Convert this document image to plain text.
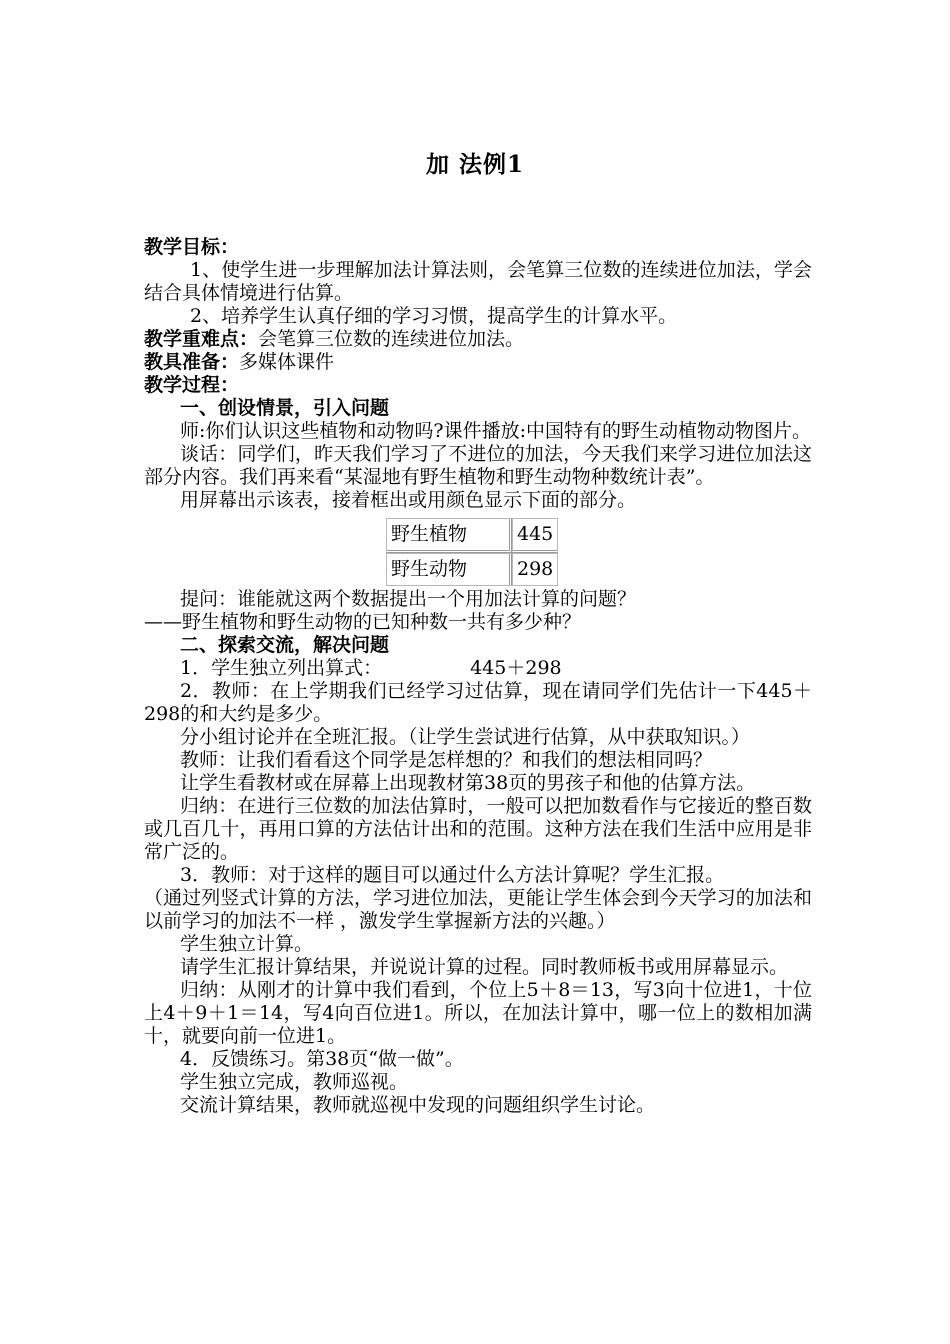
加 法例1

教学目标：

1、使学生进一步理解加法计算法则，会笔算三位数的连续进位加法，学会结合具体情境进行估算。

2、培养学生认真仔细的学习习惯，提高学生的计算水平。

教学重难点：会笔算三位数的连续进位加法。

教具准备：多媒体课件

教学过程：

一、创设情景，引入问题

师:你们认识这些植物和动物吗?课件播放:中国特有的野生动植物动物图片。

谈话：同学们，昨天我们学习了不进位的加法，今天我们来学习进位加法这部分内容。我们再来看“某湿地有野生植物和野生动物种数统计表”。

用屏幕出示该表，接着框出或用颜色显示下面的部分。

野生植物	445
野生动物	298

提问：谁能就这两个数据提出一个用加法计算的问题？

——野生植物和野生动物的已知种数一共有多少种？

二、探索交流，解决问题

1．学生独立列出算式：	445＋298

2．教师：在上学期我们已经学习过估算，现在请同学们先估计一下445＋298的和大约是多少。

分小组讨论并在全班汇报。（让学生尝试进行估算，从中获取知识。）

教师：让我们看看这个同学是怎样想的？和我们的想法相同吗？

让学生看教材或在屏幕上出现教材第38页的男孩子和他的估算方法。

归纳：在进行三位数的加法估算时，一般可以把加数看作与它接近的整百数或几百几十，再用口算的方法估计出和的范围。这种方法在我们生活中应用是非常广泛的。

3．教师：对于这样的题目可以通过什么方法计算呢？学生汇报。

（通过列竖式计算的方法，学习进位加法，更能让学生体会到今天学习的加法和以前学习的加法不一样 ，激发学生掌握新方法的兴趣。）

学生独立计算。

请学生汇报计算结果，并说说计算的过程。同时教师板书或用屏幕显示。

归纳：从刚才的计算中我们看到，个位上5＋8＝13，写3向十位进1，十位上4＋9＋1＝14，写4向百位进1。所以，在加法计算中，哪一位上的数相加满十，就要向前一位进1。

4．反馈练习。第38页“做一做”。

学生独立完成，教师巡视。

交流计算结果，教师就巡视中发现的问题组织学生讨论。
